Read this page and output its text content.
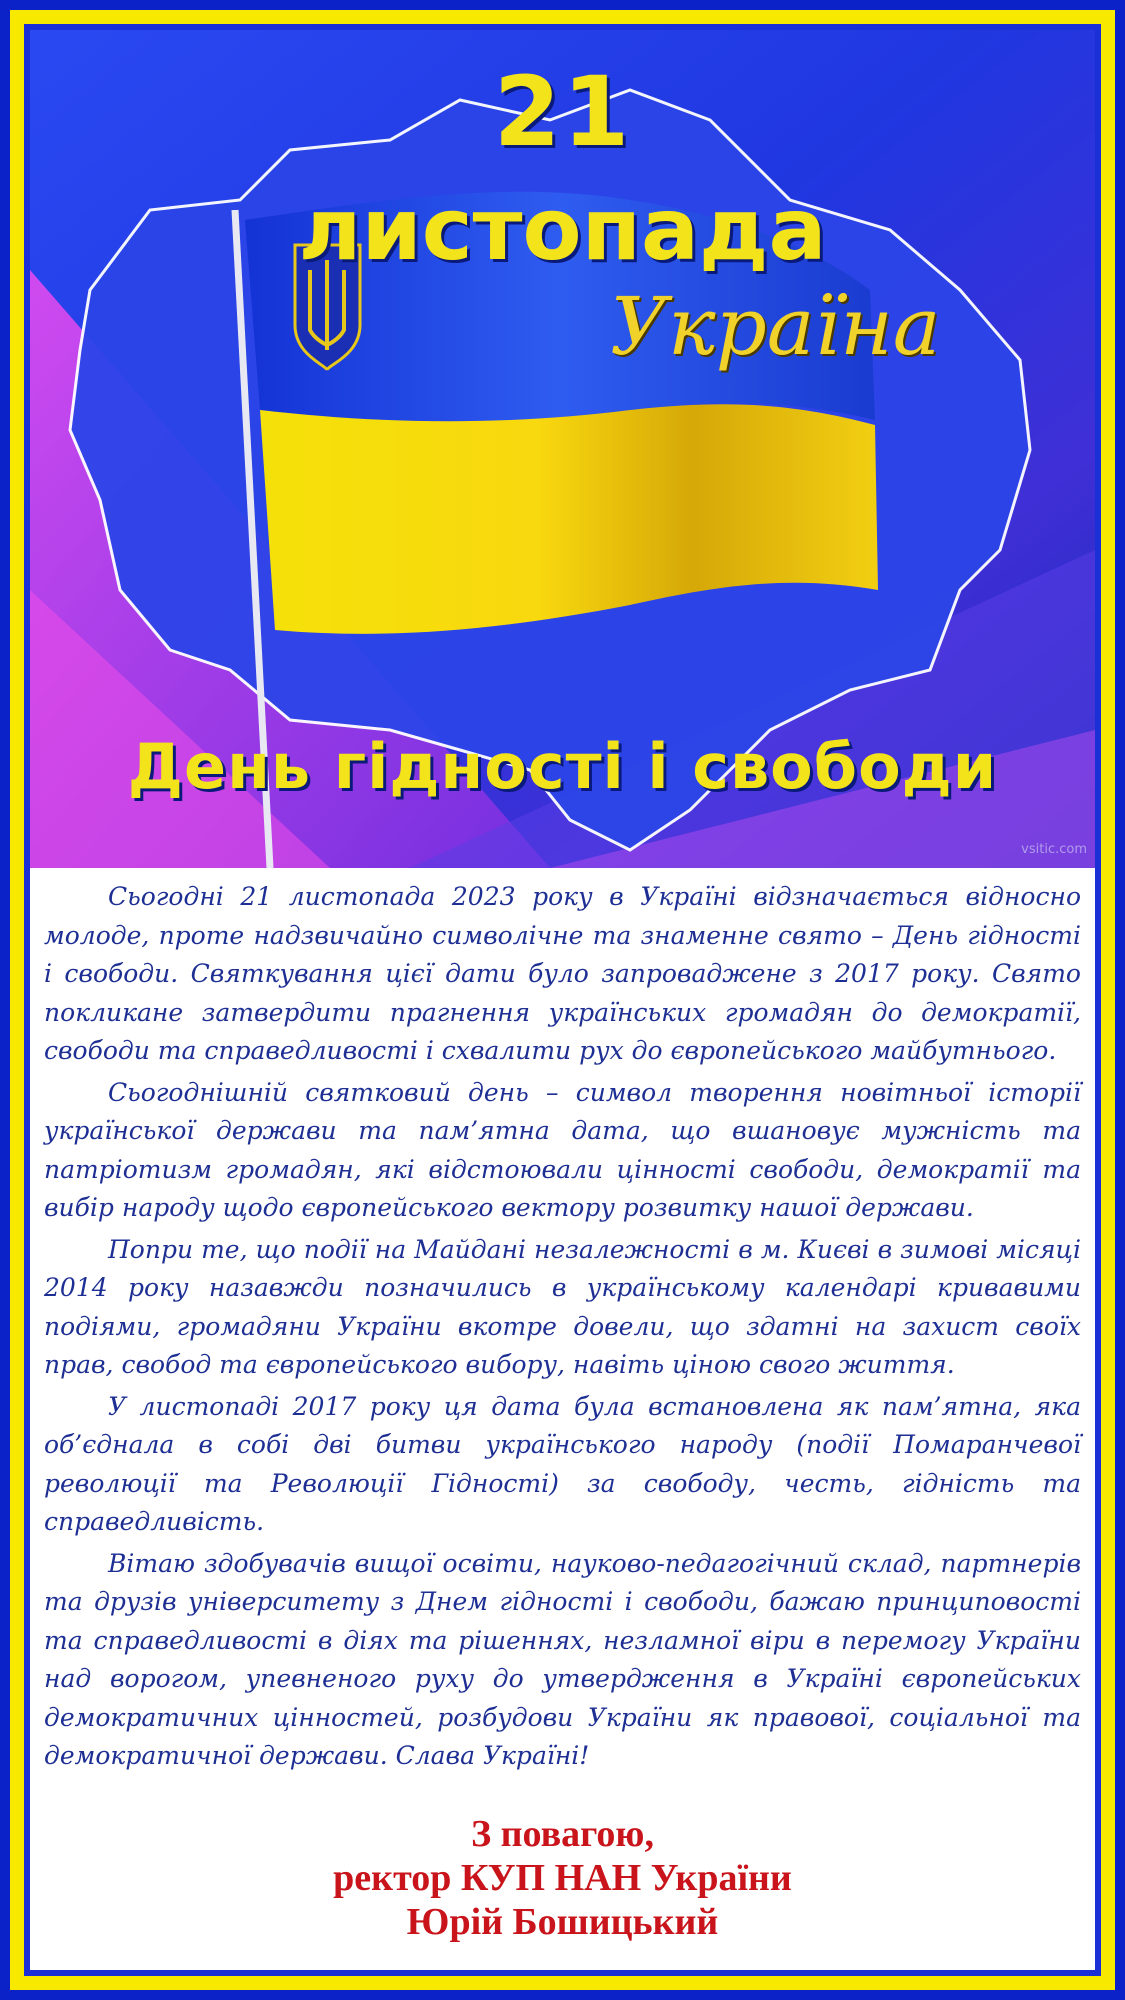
21
листопада
Україна
День гідності і свободи
vsitic.com

Сьогодні 21 листопада 2023 року в Україні відзначається відносно молоде, проте надзвичайно символічне та знаменне свято – День гідності і свободи. Святкування цієї дати було запроваджене з 2017 року. Свято покликане затвердити прагнення українських громадян до демократії, свободи та справедливості і схвалити рух до європейського майбутнього.

Сьогоднішній святковий день – символ творення новітньої історії української держави та пам’ятна дата, що вшановує мужність та патріотизм громадян, які відстоювали цінності свободи, демократії та вибір народу щодо європейського вектору розвитку нашої держави.

Попри те, що події на Майдані незалежності в м. Києві в зимові місяці 2014 року назавжди позначились в українському календарі кривавими подіями, громадяни України вкотре довели, що здатні на захист своїх прав, свобод та європейського вибору, навіть ціною свого життя.

У листопаді 2017 року ця дата була встановлена як пам’ятна, яка об’єднала в собі дві битви українського народу (події Помаранчевої революції та Революції Гідності) за свободу, честь, гідність та справедливість.

Вітаю здобувачів вищої освіти, науково-педагогічний склад, партнерів та друзів університету з Днем гідності і свободи, бажаю принциповості та справедливості в діях та рішеннях, незламної віри в перемогу України над ворогом, упевненого руху до утвердження в Україні європейських демократичних цінностей, розбудови України як правової, соціальної та демократичної держави. Слава Україні!

З повагою,
ректор КУП НАН України
Юрій Бошицький
